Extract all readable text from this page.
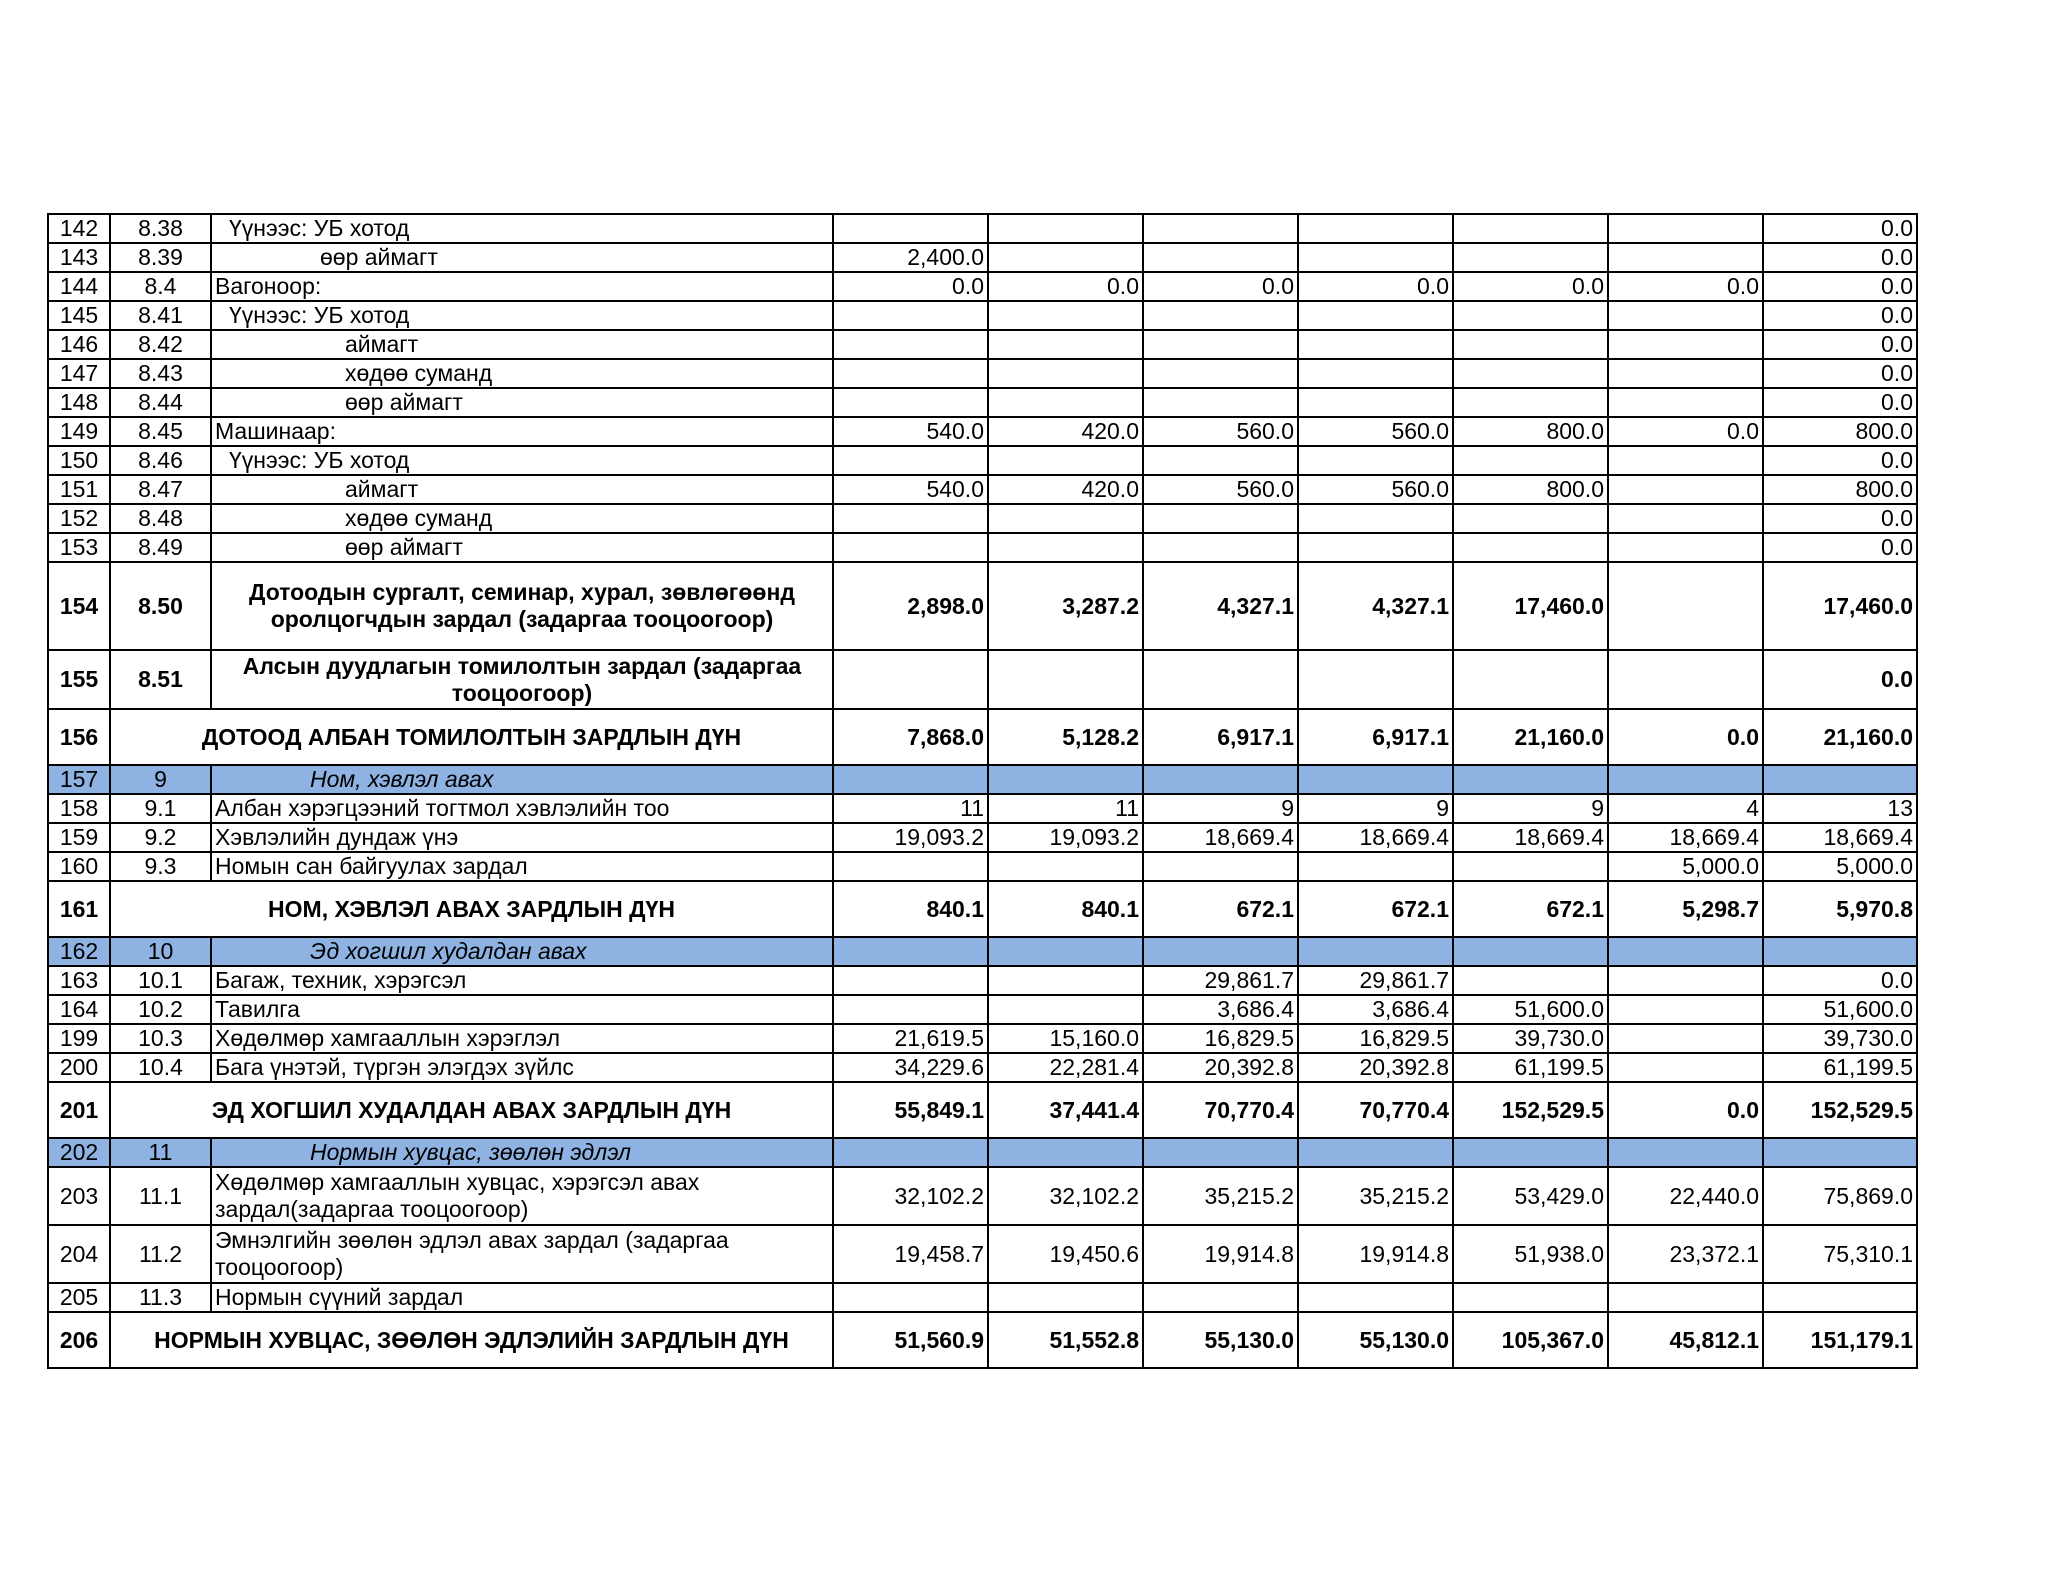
142	8.38	Үүнээс: УБ хотод							0.0
143	8.39	өөр аймагт	2,400.0						0.0
144	8.4	Вагоноор:	0.0	0.0	0.0	0.0	0.0	0.0	0.0
145	8.41	Үүнээс: УБ хотод							0.0
146	8.42	аймагт							0.0
147	8.43	хөдөө суманд							0.0
148	8.44	өөр аймагт							0.0
149	8.45	Машинаар:	540.0	420.0	560.0	560.0	800.0	0.0	800.0
150	8.46	Үүнээс: УБ хотод							0.0
151	8.47	аймагт	540.0	420.0	560.0	560.0	800.0		800.0
152	8.48	хөдөө суманд							0.0
153	8.49	өөр аймагт							0.0
154	8.50	Дотоодын сургалт, семинар, хурал, зөвлөгөөнд оролцогчдын зардал (задаргаа тооцоогоор)	2,898.0	3,287.2	4,327.1	4,327.1	17,460.0		17,460.0
155	8.51	Алсын дуудлагын томилолтын зардал (задаргаа тооцоогоор)							0.0
156	ДОТООД АЛБАН ТОМИЛОЛТЫН ЗАРДЛЫН ДҮН		7,868.0	5,128.2	6,917.1	6,917.1	21,160.0	0.0	21,160.0
157	9	Ном, хэвлэл авах							
158	9.1	Албан хэрэгцээний тогтмол хэвлэлийн тоо	11	11	9	9	9	4	13
159	9.2	Хэвлэлийн дундаж үнэ	19,093.2	19,093.2	18,669.4	18,669.4	18,669.4	18,669.4	18,669.4
160	9.3	Номын сан байгуулах зардал						5,000.0	5,000.0
161	НОМ, ХЭВЛЭЛ АВАХ ЗАРДЛЫН ДҮН		840.1	840.1	672.1	672.1	672.1	5,298.7	5,970.8
162	10	Эд хогшил худалдан авах							
163	10.1	Багаж, техник, хэрэгсэл			29,861.7	29,861.7			0.0
164	10.2	Тавилга			3,686.4	3,686.4	51,600.0		51,600.0
199	10.3	Хөдөлмөр хамгааллын хэрэглэл	21,619.5	15,160.0	16,829.5	16,829.5	39,730.0		39,730.0
200	10.4	Бага үнэтэй, түргэн элэгдэх зүйлс	34,229.6	22,281.4	20,392.8	20,392.8	61,199.5		61,199.5
201	ЭД ХОГШИЛ ХУДАЛДАН АВАХ ЗАРДЛЫН ДҮН		55,849.1	37,441.4	70,770.4	70,770.4	152,529.5	0.0	152,529.5
202	11	Нормын хувцас, зөөлөн эдлэл							
203	11.1	Хөдөлмөр хамгааллын хувцас, хэрэгсэл авах зардал(задаргаа тооцоогоор)	32,102.2	32,102.2	35,215.2	35,215.2	53,429.0	22,440.0	75,869.0
204	11.2	Эмнэлгийн зөөлөн эдлэл авах зардал (задаргаа тооцоогоор)	19,458.7	19,450.6	19,914.8	19,914.8	51,938.0	23,372.1	75,310.1
205	11.3	Нормын сүүний зардал							
206	НОРМЫН ХУВЦАС, ЗӨӨЛӨН ЭДЛЭЛИЙН ЗАРДЛЫН ДҮН		51,560.9	51,552.8	55,130.0	55,130.0	105,367.0	45,812.1	151,179.1
